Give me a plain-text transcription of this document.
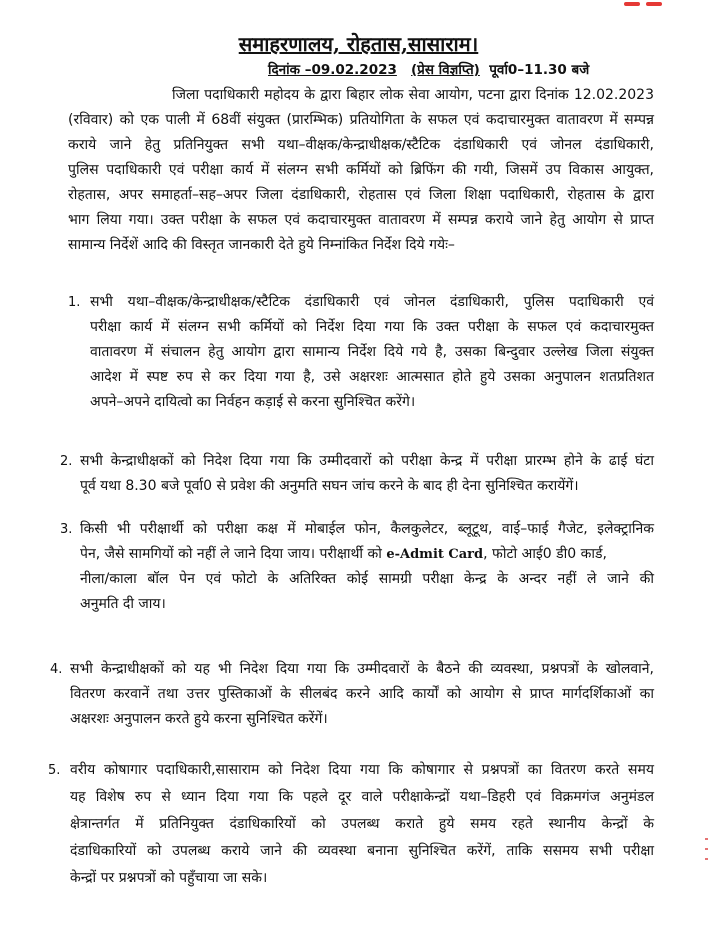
समाहरणालय, रोहतास,सासाराम।
दिनांक –09.02.2023 (प्रेस विज्ञप्ति) पूर्वा0–11.30 बजे
जिला पदाधिकारी महोदय के द्वारा बिहार लोक सेवा आयोग, पटना द्वारा दिनांक 12.02.2023
(रविवार) को एक पाली में 68वीं संयुक्त (प्रारम्भिक) प्रतियोगिता के सफल एवं कदाचारमुक्त वातावरण में सम्पन्न
कराये जाने हेतु प्रतिनियुक्त सभी यथा–वीक्षक/केन्द्राधीक्षक/स्टैटिक दंडाधिकारी एवं जोनल दंडाधिकारी,
पुलिस पदाधिकारी एवं परीक्षा कार्य में संलग्न सभी कर्मियों को ब्रिफिंग की गयी, जिसमें उप विकास आयुक्त,
रोहतास, अपर समाहर्ता–सह–अपर जिला दंडाधिकारी, रोहतास एवं जिला शिक्षा पदाधिकारी, रोहतास के द्वारा
भाग लिया गया। उक्त परीक्षा के सफल एवं कदाचारमुक्त वातावरण में सम्पन्न कराये जाने हेतु आयोग से प्राप्त
सामान्य निर्देशें आदि की विस्तृत जानकारी देते हुये निम्नांकित निर्देश दिये गयेः–
1. सभी यथा–वीक्षक/केन्द्राधीक्षक/स्टैटिक दंडाधिकारी एवं जोनल दंडाधिकारी, पुलिस पदाधिकारी एवं
परीक्षा कार्य में संलग्न सभी कर्मियों को निर्देश दिया गया कि उक्त परीक्षा के सफल एवं कदाचारमुक्त
वातावरण में संचालन हेतु आयोग द्वारा सामान्य निर्देश दिये गये है, उसका बिन्दुवार उल्लेख जिला संयुक्त
आदेश में स्पष्ट रुप से कर दिया गया है, उसे अक्षरशः आत्मसात होते हुये उसका अनुपालन शतप्रतिशत
अपने–अपने दायित्वो का निर्वहन कड़ाई से करना सुनिश्चित करेंगे।
2. सभी केन्द्राधीक्षकों को निदेश दिया गया कि उम्मीदवारों को परीक्षा केन्द्र में परीक्षा प्रारम्भ होने के ढाई घंटा
पूर्व यथा 8.30 बजे पूर्वा0 से प्रवेश की अनुमति सघन जांच करने के बाद ही देना सुनिश्चित करायेंगें।
3. किसी भी परीक्षार्थी को परीक्षा कक्ष में मोबाईल फोन, कैलकुलेटर, ब्लूटूथ, वाई–फाई गैजेट, इलेक्ट्रानिक
पेन, जैसे सामगियों को नहीं ले जाने दिया जाय। परीक्षार्थी को e-Admit Card, फोटो आई0 डी0 कार्ड,
नीला/काला बॉल पेन एवं फोटो के अतिरिक्त कोई सामग्री परीक्षा केन्द्र के अन्दर नहीं ले जाने की
अनुमति दी जाय।
4. सभी केन्द्राधीक्षकों को यह भी निदेश दिया गया कि उम्मीदवारों के बैठने की व्यवस्था, प्रश्नपत्रों के खोलवाने,
वितरण करवानें तथा उत्तर पुस्तिकाओं के सीलबंद करने आदि कार्यों को आयोग से प्राप्त मार्गदर्शिकाओं का
अक्षरशः अनुपालन करते हुये करना सुनिश्चित करेंगें।
5. वरीय कोषागार पदाधिकारी,सासाराम को निदेश दिया गया कि कोषागार से प्रश्नपत्रों का वितरण करते समय
यह विशेष रुप से ध्यान दिया गया कि पहले दूर वाले परीक्षाकेन्द्रों यथा–डिहरी एवं विक्रमगंज अनुमंडल
क्षेत्रान्तर्गत में प्रतिनियुक्त दंडाधिकारियों को उपलब्ध कराते हुये समय रहते स्थानीय केन्द्रों के
दंडाधिकारियों को उपलब्ध कराये जाने की व्यवस्था बनाना सुनिश्चित करेंगें, ताकि ससमय सभी परीक्षा
केन्द्रों पर प्रश्नपत्रों को पहुँचाया जा सके।
